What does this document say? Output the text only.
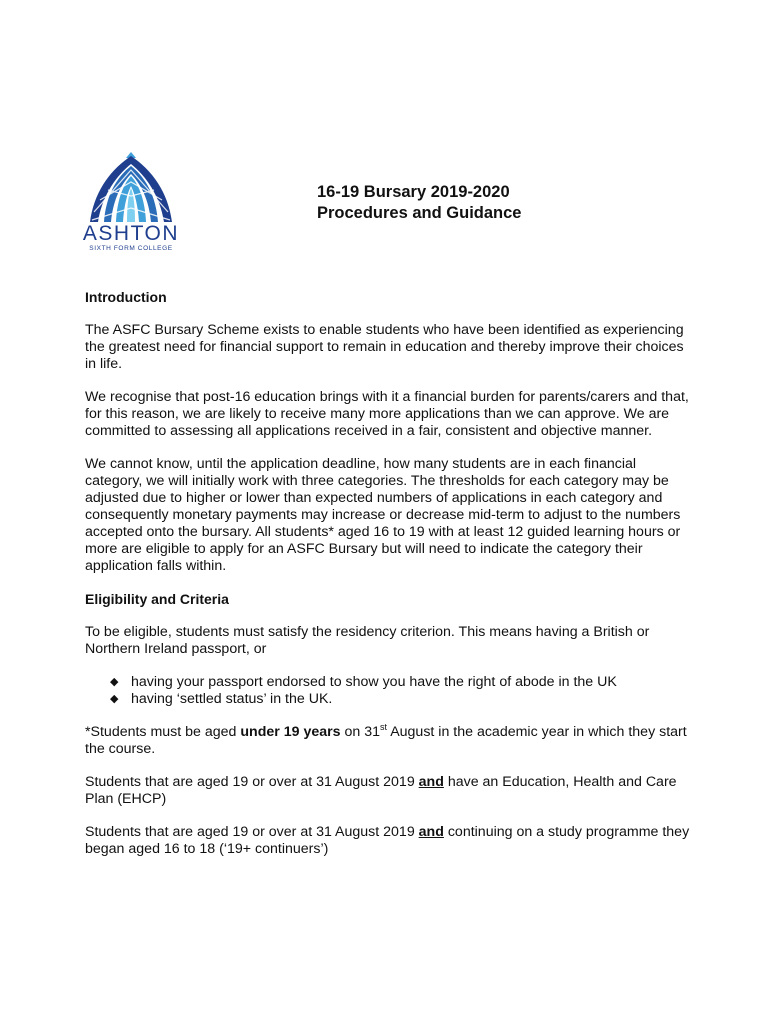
ASHTON
SIXTH FORM COLLEGE
16-19 Bursary 2019-2020
Procedures and Guidance
Introduction

The ASFC Bursary Scheme exists to enable students who have been identified as experiencing the greatest need for financial support to remain in education and thereby improve their choices in life.

We recognise that post-16 education brings with it a financial burden for parents/carers and that, for this reason, we are likely to receive many more applications than we can approve. We are committed to assessing all applications received in a fair, consistent and objective manner.

We cannot know, until the application deadline, how many students are in each financial category, we will initially work with three categories. The thresholds for each category may be adjusted due to higher or lower than expected numbers of applications in each category and consequently monetary payments may increase or decrease mid-term to adjust to the numbers accepted onto the bursary. All students* aged 16 to 19 with at least 12 guided learning hours or more are eligible to apply for an ASFC Bursary but will need to indicate the category their application falls within.

Eligibility and Criteria

To be eligible, students must satisfy the residency criterion. This means having a British or Northern Ireland passport, or

◆ having your passport endorsed to show you have the right of abode in the UK
◆ having ‘settled status’ in the UK.

*Students must be aged under 19 years on 31st August in the academic year in which they start the course.

Students that are aged 19 or over at 31 August 2019 and have an Education, Health and Care Plan (EHCP)

Students that are aged 19 or over at 31 August 2019 and continuing on a study programme they began aged 16 to 18 (‘19+ continuers’)
